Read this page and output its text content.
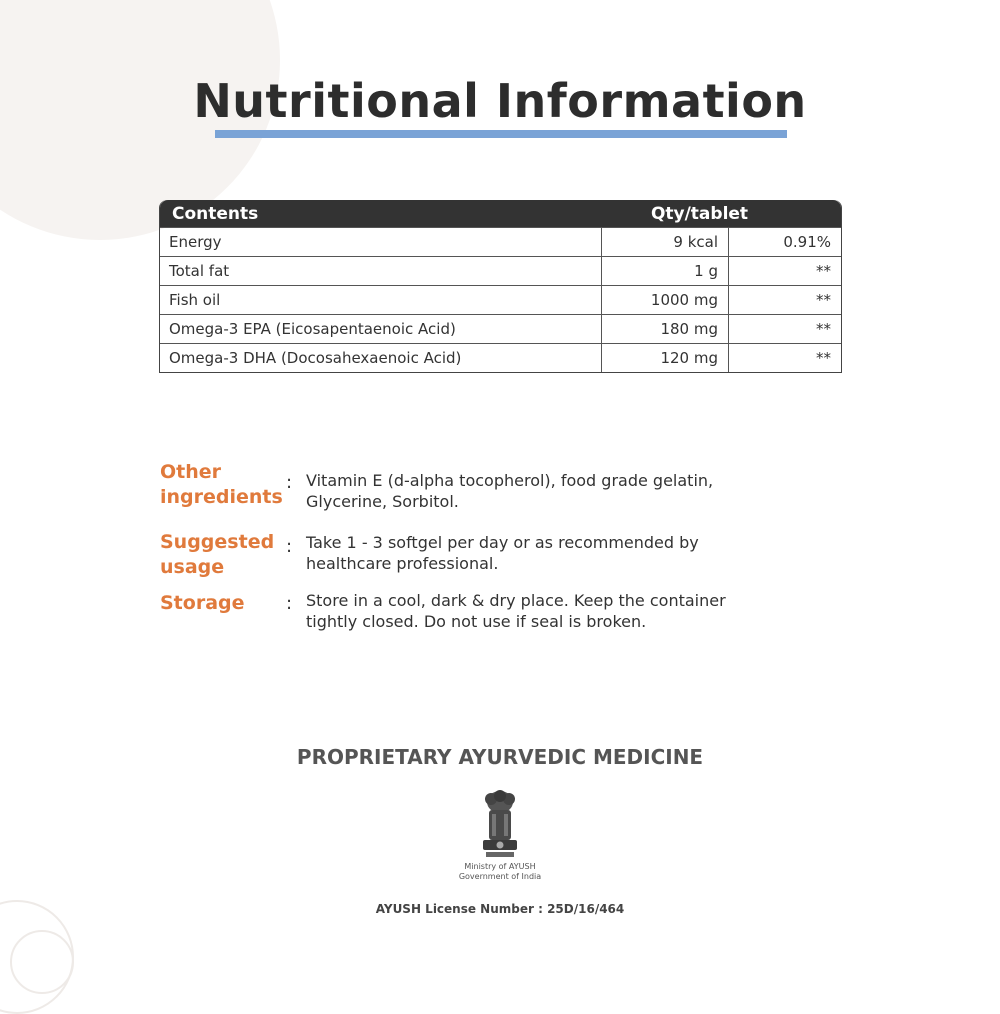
Nutritional Information
Contents	Qty/tablet
Energy	9 kcal	0.91%
Total fat	1 g	**
Fish oil	1000 mg	**
Omega-3 EPA (Eicosapentaenoic Acid)	180 mg	**
Omega-3 DHA (Docosahexaenoic Acid)	120 mg	**
Other
ingredients
: Vitamin E (d-alpha tocopherol), food grade gelatin,
Glycerine, Sorbitol.
Suggested
usage
: Take 1 - 3 softgel per day or as recommended by
healthcare professional.
Storage	: Store in a cool, dark & dry place. Keep the container
tightly closed. Do not use if seal is broken.
PROPRIETARY AYURVEDIC MEDICINE
Ministry of AYUSH
Government of India
AYUSH License Number : 25D/16/464
